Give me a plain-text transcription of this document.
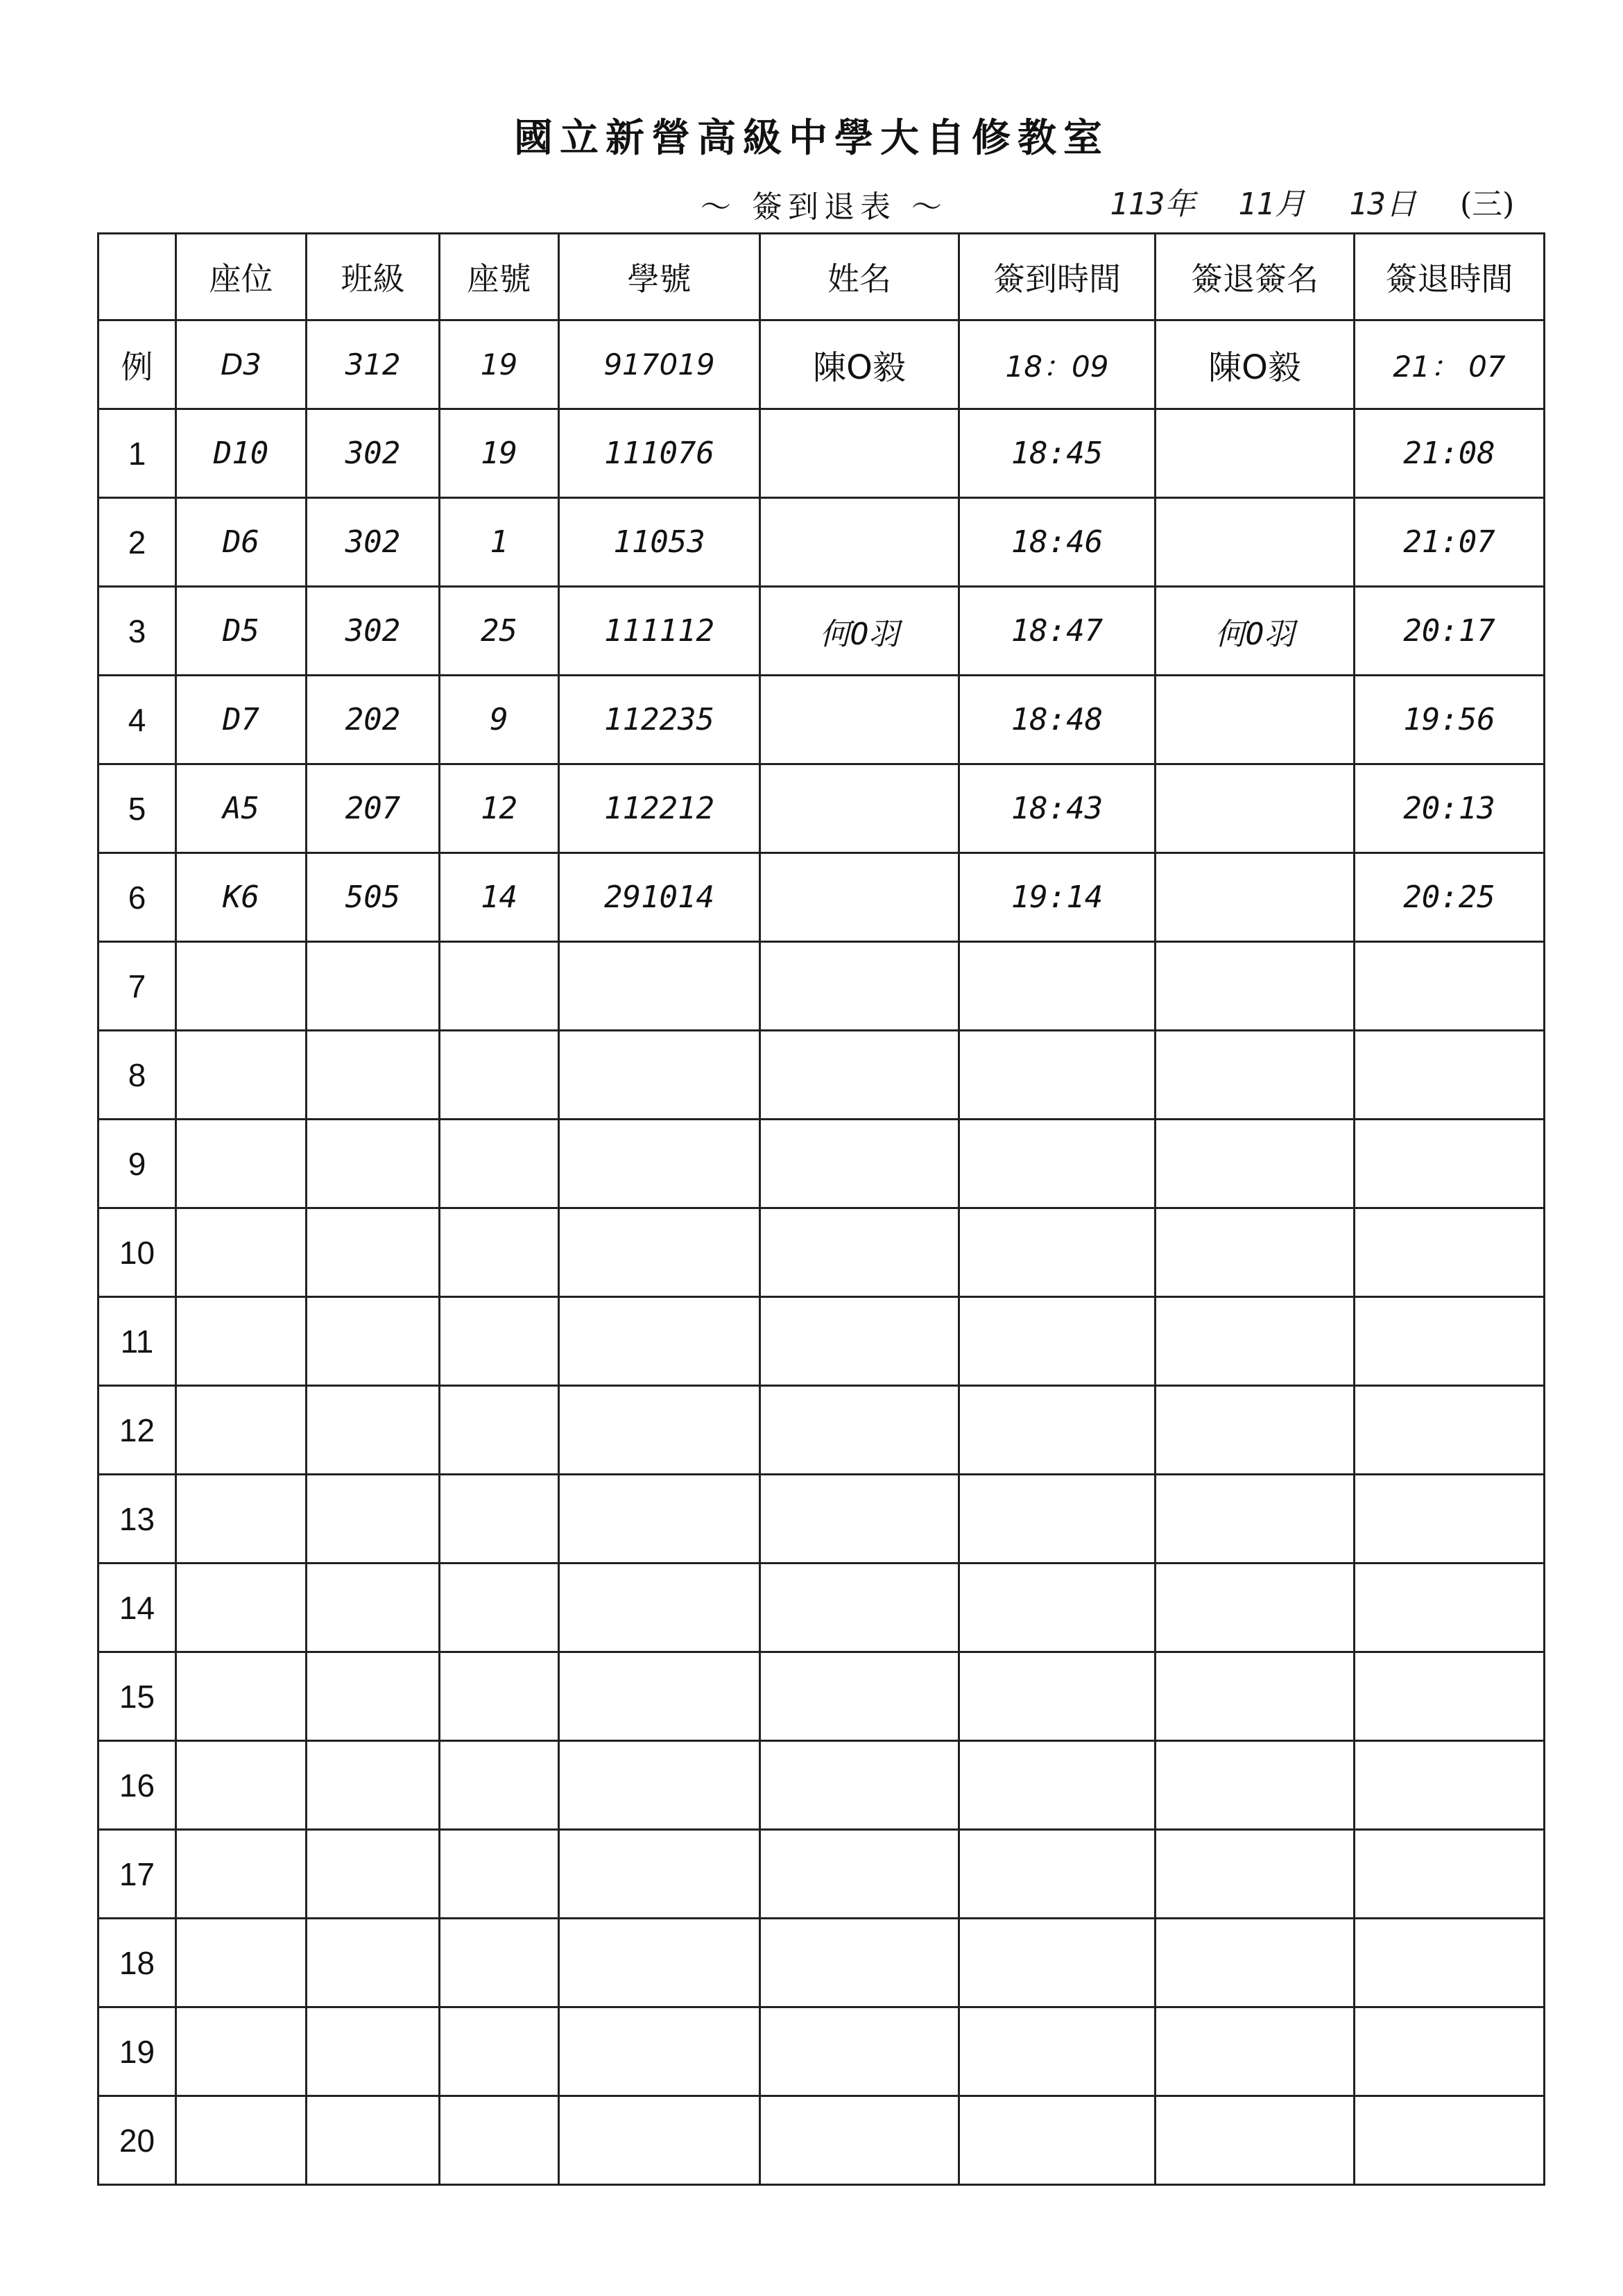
國立新營高級中學大自修教室
～ 簽到退表 ～	113年 11月 13日 (三)
	座位	班級	座號	學號	姓名	簽到時間	簽退簽名	簽退時間
例	D3	312	19	917019	陳O毅	18：09	陳O毅	21： 07
1	D10	302	19	111076		18:45		21:08
2	D6	302	1	11053		18:46		21:07
3	D5	302	25	111112	何O羽	18:47	何O羽	20:17
4	D7	202	9	112235		18:48		19:56
5	A5	207	12	112212		18:43		20:13
6	K6	505	14	291014		19:14		20:25
7								
8								
9								
10								
11								
12								
13								
14								
15								
16								
17								
18								
19								
20								
